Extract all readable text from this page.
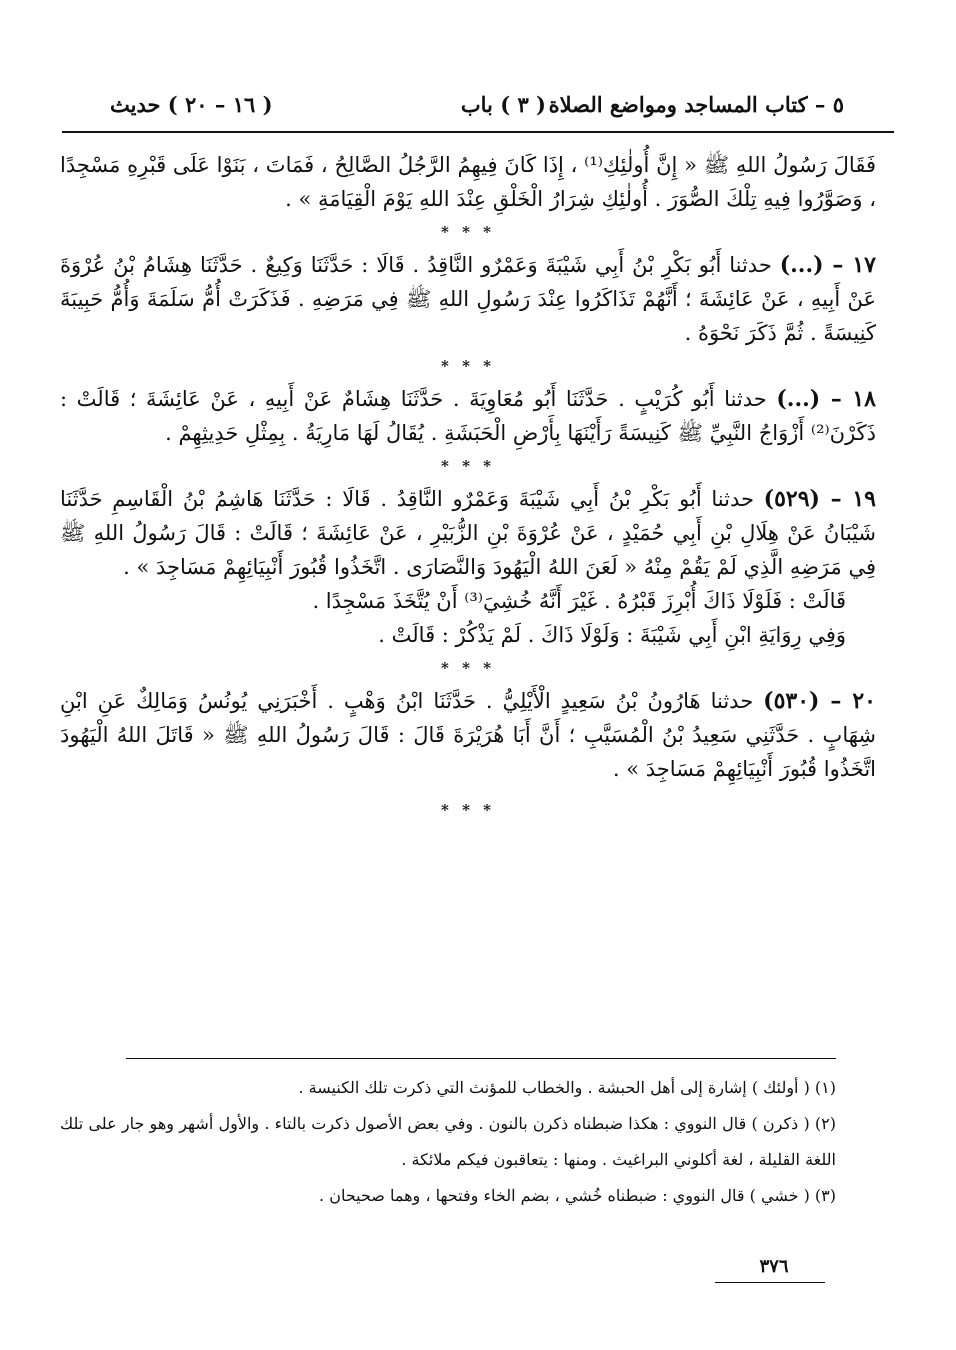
٥ – كتاب المساجد ومواضع الصلاة
( ٣ ) باب
( ١٦ – ٢٠ ) حديث

فَقَالَ رَسُولُ اللهِ ﷺ « إِنَّ أُولٰئِكِ⁽¹⁾ ، إِذَا كَانَ فِيهِمُ الرَّجُلُ الصَّالِحُ ، فَمَاتَ ، بَنَوْا عَلَى قَبْرِهِ مَسْجِدًا ، وَصَوَّرُوا فِيهِ تِلْكَ الصُّوَرَ . أُولٰئِكِ شِرَارُ الْخَلْقِ عِنْدَ اللهِ يَوْمَ الْقِيَامَةِ » .

* * *

١٧ – (...) حدثنا أَبُو بَكْرِ بْنُ أَبِي شَيْبَةَ وَعَمْرٌو النَّاقِدُ . قَالَا : حَدَّثَنَا وَكِيعٌ . حَدَّثَنَا هِشَامُ بْنُ عُرْوَةَ عَنْ أَبِيهِ ، عَنْ عَائِشَةَ ؛ أَنَّهُمْ تَذَاكَرُوا عِنْدَ رَسُولِ اللهِ ﷺ فِي مَرَضِهِ . فَذَكَرَتْ أُمُّ سَلَمَةَ وَأُمُّ حَبِيبَةَ كَنِيسَةً . ثُمَّ ذَكَرَ نَحْوَهُ .

* * *

١٨ – (...) حدثنا أَبُو كُرَيْبٍ . حَدَّثَنَا أَبُو مُعَاوِيَةَ . حَدَّثَنَا هِشَامٌ عَنْ أَبِيهِ ، عَنْ عَائِشَةَ ؛ قَالَتْ : ذَكَرْنَ⁽²⁾ أَزْوَاجُ النَّبِيِّ ﷺ كَنِيسَةً رَأَيْنَهَا بِأَرْضِ الْحَبَشَةِ . يُقَالُ لَهَا مَارِيَةُ . بِمِثْلِ حَدِيثِهِمْ .

* * *

١٩ – (٥٢٩) حدثنا أَبُو بَكْرِ بْنُ أَبِي شَيْبَةَ وَعَمْرٌو النَّاقِدُ . قَالَا : حَدَّثَنَا هَاشِمُ بْنُ الْقَاسِمِ حَدَّثَنَا شَيْبَانُ عَنْ هِلَالِ بْنِ أَبِي حُمَيْدٍ ، عَنْ عُرْوَةَ بْنِ الزُّبَيْرِ ، عَنْ عَائِشَةَ ؛ قَالَتْ : قَالَ رَسُولُ اللهِ ﷺ فِي مَرَضِهِ الَّذِي لَمْ يَقُمْ مِنْهُ « لَعَنَ اللهُ الْيَهُودَ وَالنَّصَارَى . اتَّخَذُوا قُبُورَ أَنْبِيَائِهِمْ مَسَاجِدَ » .

قَالَتْ : فَلَوْلَا ذَاكَ أُبْرِزَ قَبْرُهُ . غَيْرَ أَنَّهُ خُشِيَ⁽³⁾ أَنْ يُتَّخَذَ مَسْجِدًا .

وَفِي رِوَايَةِ ابْنِ أَبِي شَيْبَةَ : وَلَوْلَا ذَاكَ . لَمْ يَذْكُرْ : قَالَتْ .

* * *

٢٠ – (٥٣٠) حدثنا هَارُونُ بْنُ سَعِيدٍ الْأَيْلِيُّ . حَدَّثَنَا ابْنُ وَهْبٍ . أَخْبَرَنِي يُونُسُ وَمَالِكٌ عَنِ ابْنِ شِهَابٍ . حَدَّثَنِي سَعِيدُ بْنُ الْمُسَيَّبِ ؛ أَنَّ أَبَا هُرَيْرَةَ قَالَ : قَالَ رَسُولُ اللهِ ﷺ « قَاتَلَ اللهُ الْيَهُودَ اتَّخَذُوا قُبُورَ أَنْبِيَائِهِمْ مَسَاجِدَ » .

* * *

(١) ( أولئك ) إشارة إلى أهل الحبشة . والخطاب للمؤنث التي ذكرت تلك الكنيسة .

(٢) ( ذكرن ) قال النووي : هكذا ضبطناه ذكرن بالنون . وفي بعض الأصول ذكرت بالتاء . والأول أشهر وهو جار على تلك اللغة القليلة ، لغة أكلوني البراغيث . ومنها : يتعاقبون فيكم ملائكة .

(٣) ( خشي ) قال النووي : ضبطناه خُشي ، بضم الخاء وفتحها ، وهما صحيحان .

٣٧٦
